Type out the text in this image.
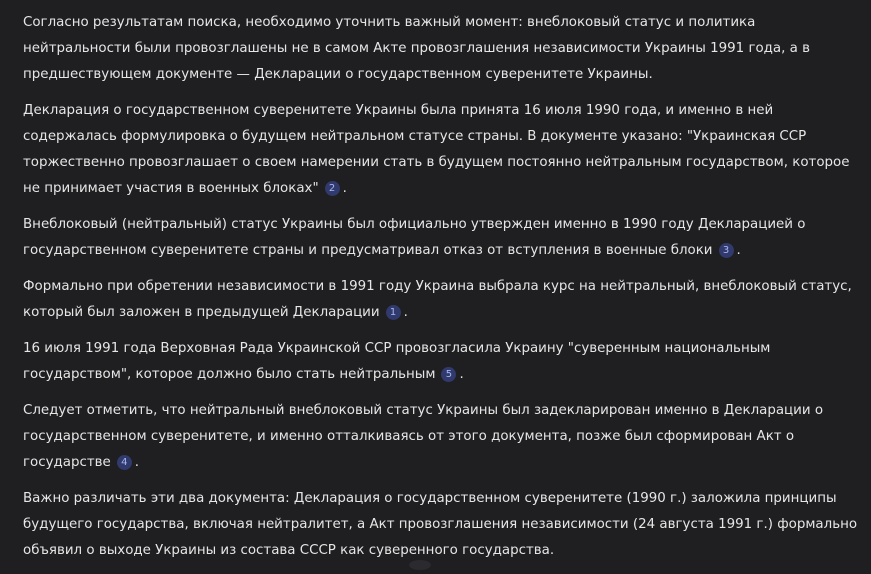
Согласно результатам поиска, необходимо уточнить важный момент: внеблоковый статус и политика нейтральности были провозглашены не в самом Акте провозглашения независимости Украины 1991 года, а в предшествующем документе — Декларации о государственном суверенитете Украины.

Декларация о государственном суверенитете Украины была принята 16 июля 1990 года, и именно в ней содержалась формулировка о будущем нейтральном статусе страны. В документе указано: "Украинская ССР торжественно провозглашает о своем намерении стать в будущем постоянно нейтральным государством, которое не принимает участия в военных блоках" 2 .

Внеблоковый (нейтральный) статус Украины был официально утвержден именно в 1990 году Декларацией о государственном суверенитете страны и предусматривал отказ от вступления в военные блоки 3 .

Формально при обретении независимости в 1991 году Украина выбрала курс на нейтральный, внеблоковый статус, который был заложен в предыдущей Декларации 1 .

16 июля 1991 года Верховная Рада Украинской ССР провозгласила Украину "суверенным национальным государством", которое должно было стать нейтральным 5 .

Следует отметить, что нейтральный внеблоковый статус Украины был задекларирован именно в Декларации о государственном суверенитете, и именно отталкиваясь от этого документа, позже был сформирован Акт о государстве 4 .

Важно различать эти два документа: Декларация о государственном суверенитете (1990 г.) заложила принципы будущего государства, включая нейтралитет, а Акт провозглашения независимости (24 августа 1991 г.) формально объявил о выходе Украины из состава СССР как суверенного государства.
